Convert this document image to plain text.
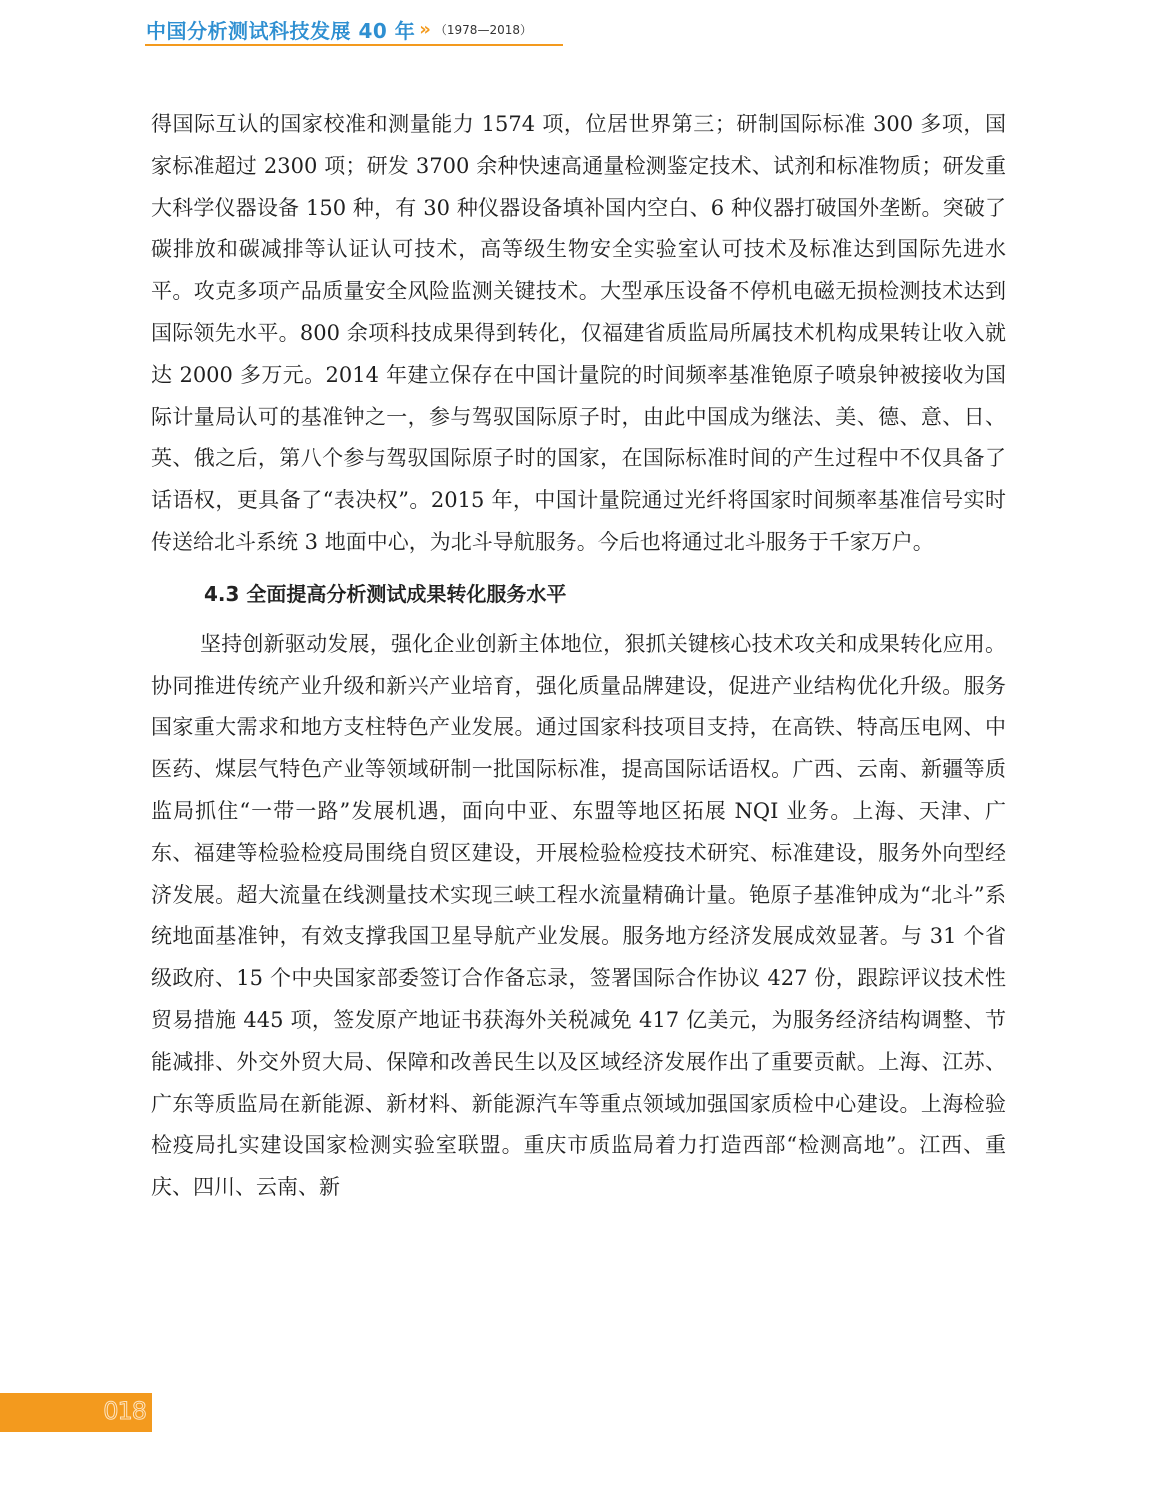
中国分析测试科技发展 40 年 » （1978—2018）

得国际互认的国家校准和测量能力 1574 项，位居世界第三；研制国际标准 300 多项，国家标准超过 2300 项；研发 3700 余种快速高通量检测鉴定技术、试剂和标准物质；研发重大科学仪器设备 150 种，有 30 种仪器设备填补国内空白、6 种仪器打破国外垄断。突破了碳排放和碳减排等认证认可技术，高等级生物安全实验室认可技术及标准达到国际先进水平。攻克多项产品质量安全风险监测关键技术。大型承压设备不停机电磁无损检测技术达到国际领先水平。800 余项科技成果得到转化，仅福建省质监局所属技术机构成果转让收入就达 2000 多万元。2014 年建立保存在中国计量院的时间频率基准铯原子喷泉钟被接收为国际计量局认可的基准钟之一，参与驾驭国际原子时，由此中国成为继法、美、德、意、日、英、俄之后，第八个参与驾驭国际原子时的国家，在国际标准时间的产生过程中不仅具备了话语权，更具备了“表决权”。2015 年，中国计量院通过光纤将国家时间频率基准信号实时传送给北斗系统 3 地面中心，为北斗导航服务。今后也将通过北斗服务于千家万户。

4.3 全面提高分析测试成果转化服务水平

坚持创新驱动发展，强化企业创新主体地位，狠抓关键核心技术攻关和成果转化应用。协同推进传统产业升级和新兴产业培育，强化质量品牌建设，促进产业结构优化升级。服务国家重大需求和地方支柱特色产业发展。通过国家科技项目支持，在高铁、特高压电网、中医药、煤层气特色产业等领域研制一批国际标准，提高国际话语权。广西、云南、新疆等质监局抓住“一带一路”发展机遇，面向中亚、东盟等地区拓展 NQI 业务。上海、天津、广东、福建等检验检疫局围绕自贸区建设，开展检验检疫技术研究、标准建设，服务外向型经济发展。超大流量在线测量技术实现三峡工程水流量精确计量。铯原子基准钟成为“北斗”系统地面基准钟，有效支撑我国卫星导航产业发展。服务地方经济发展成效显著。与 31 个省级政府、15 个中央国家部委签订合作备忘录，签署国际合作协议 427 份，跟踪评议技术性贸易措施 445 项，签发原产地证书获海外关税减免 417 亿美元，为服务经济结构调整、节能减排、外交外贸大局、保障和改善民生以及区域经济发展作出了重要贡献。上海、江苏、广东等质监局在新能源、新材料、新能源汽车等重点领域加强国家质检中心建设。上海检验检疫局扎实建设国家检测实验室联盟。重庆市质监局着力打造西部“检测高地”。江西、重庆、四川、云南、新

018
